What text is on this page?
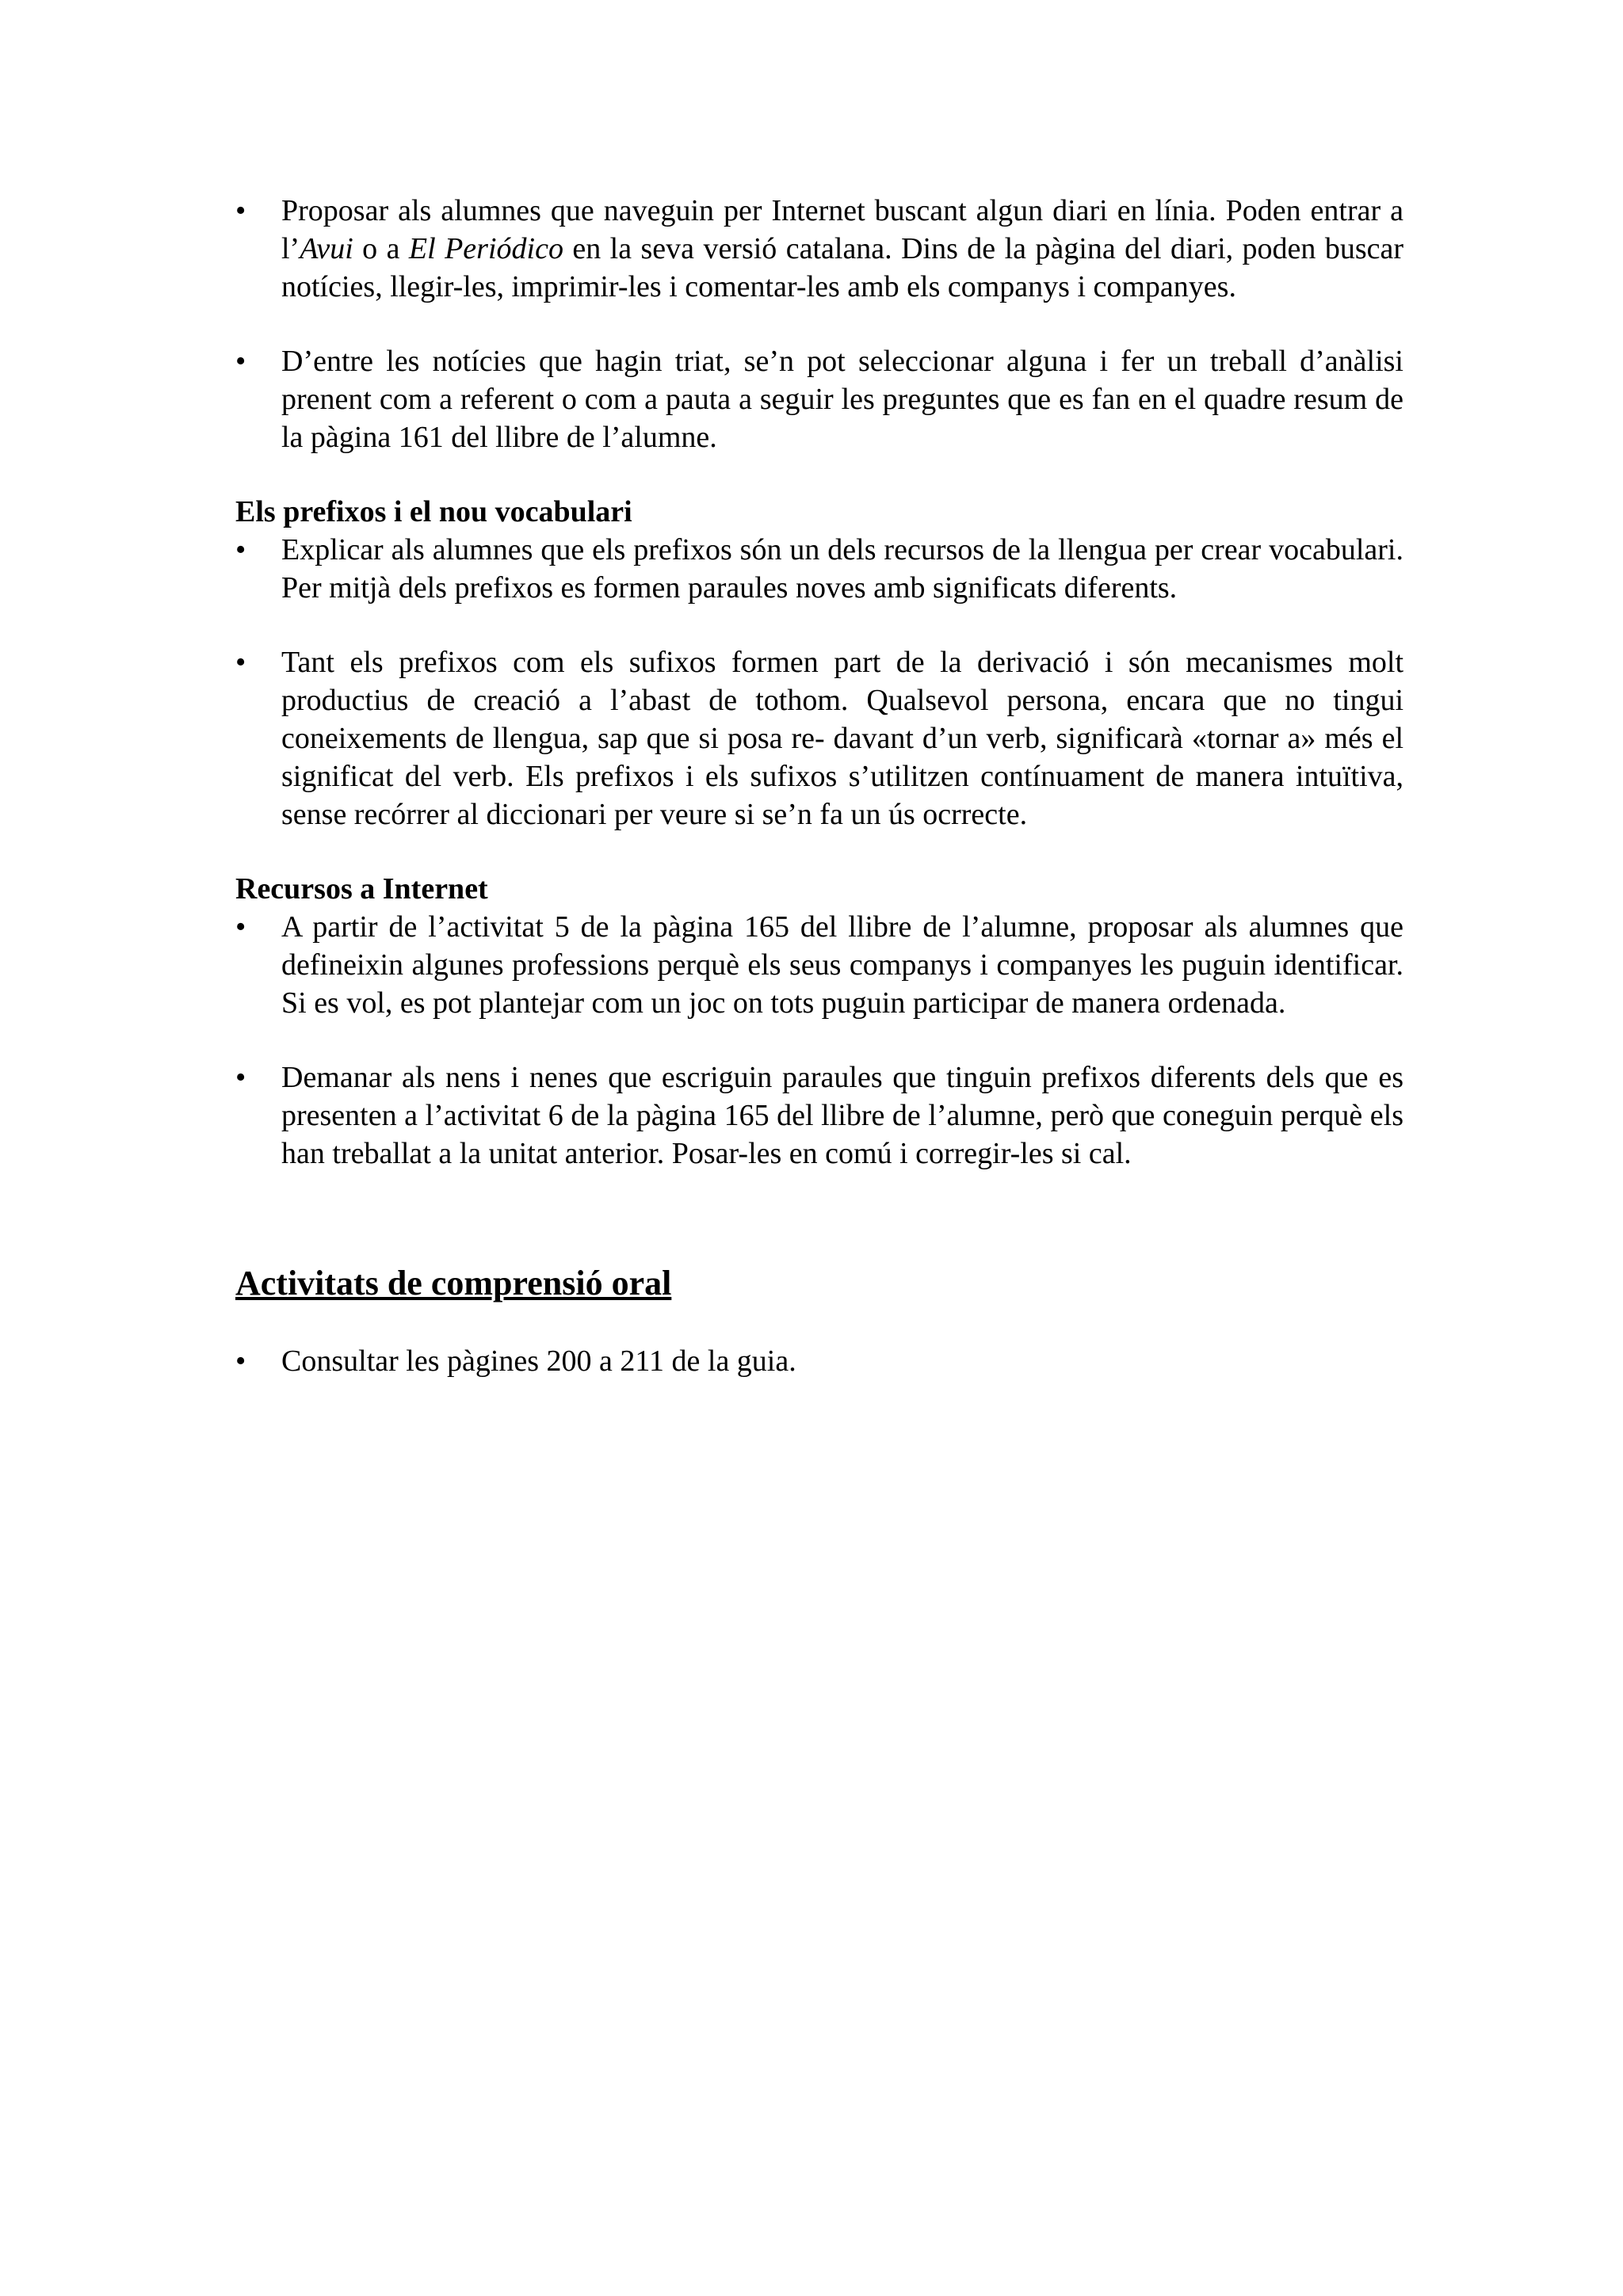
•	Proposar als alumnes que naveguin per Internet buscant algun diari en línia. Poden entrar a l’Avui o a El Periódico en la seva versió catalana. Dins de la pàgina del diari, poden buscar notícies, llegir-les, imprimir-les i comentar-les amb els companys i companyes.
•	D’entre les notícies que hagin triat, se’n pot seleccionar alguna i fer un treball d’anàlisi prenent com a referent o com a pauta a seguir les preguntes que es fan en el quadre resum de la pàgina 161 del llibre de l’alumne.

Els prefixos i el nou vocabulari

•	Explicar als alumnes que els prefixos són un dels recursos de la llengua per crear vocabulari. Per mitjà dels prefixos es formen paraules noves amb significats diferents.
•	Tant els prefixos com els sufixos formen part de la derivació i són mecanismes molt productius de creació a l’abast de tothom. Qualsevol persona, encara que no tingui coneixements de llengua, sap que si posa re- davant d’un verb, significarà «tornar a» més el significat del verb. Els prefixos i els sufixos s’utilitzen contínuament de manera intuïtiva, sense recórrer al diccionari per veure si se’n fa un ús ocrrecte.

Recursos a Internet

•	A partir de l’activitat 5 de la pàgina 165 del llibre de l’alumne, proposar als alumnes que defineixin algunes professions perquè els seus companys i companyes les puguin identificar. Si es vol, es pot plantejar com un joc on tots puguin participar de manera ordenada.
•	Demanar als nens i nenes que escriguin paraules que tinguin prefixos diferents dels que es presenten a l’activitat 6 de la pàgina 165 del llibre de l’alumne, però que coneguin perquè els han treballat a la unitat anterior. Posar-les en comú i corregir-les si cal.

Activitats de comprensió oral

•	Consultar les pàgines 200 a 211 de la guia.
